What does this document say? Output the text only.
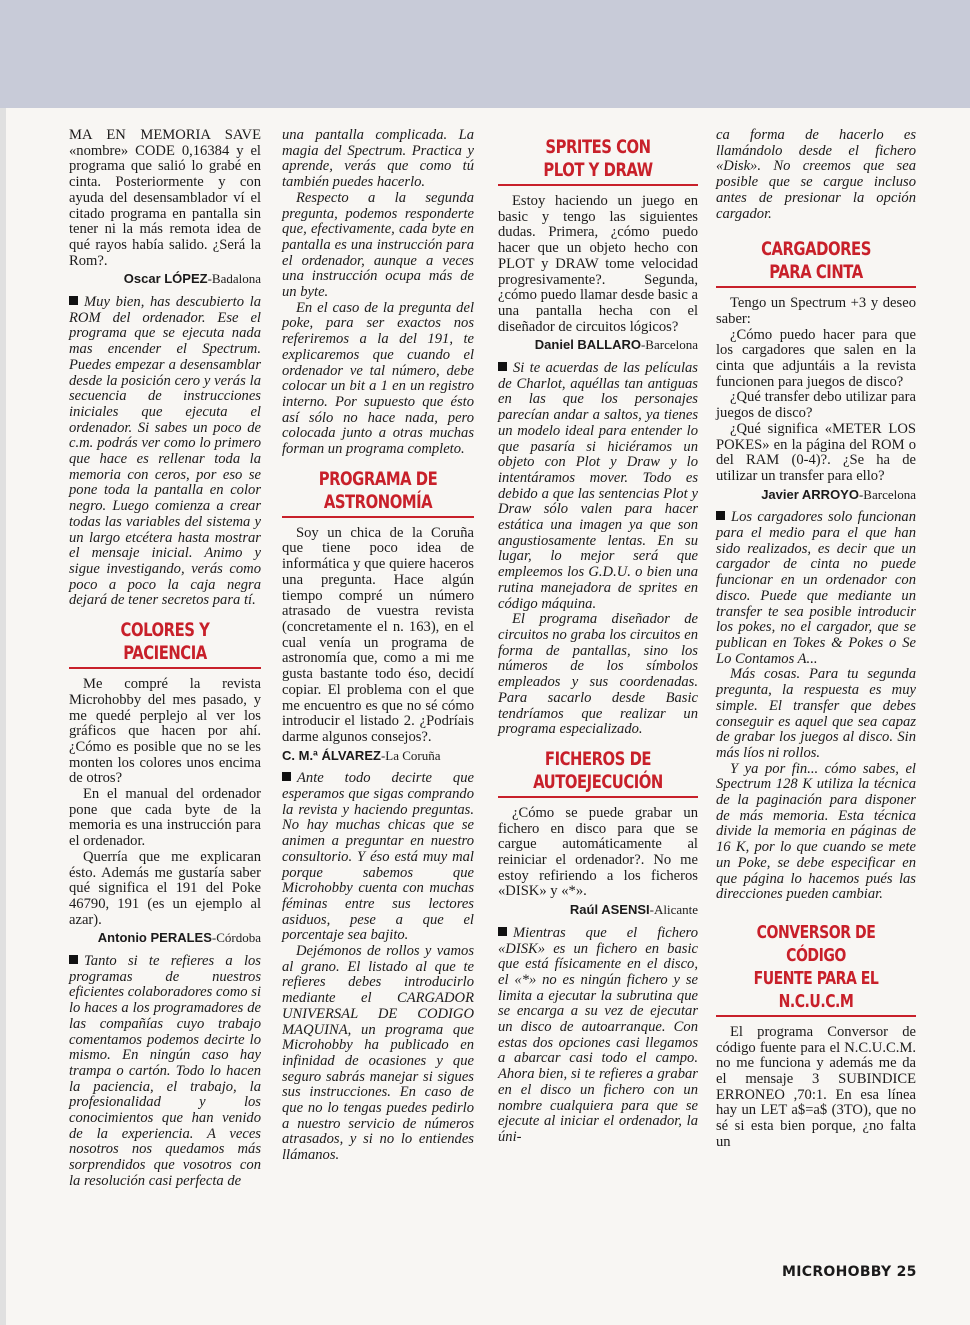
MA EN MEMORIA SAVE «nombre» CODE 0,16384 y el programa que salió lo grabé en cinta. Posteriormente y con ayuda del desensamblador ví el citado programa en pantalla sin tener ni la más remota idea de qué rayos había salido. ¿Será la Rom?.

Oscar LÓPEZ-Badalona

Muy bien, has descubierto la ROM del ordenador. Ese el programa que se ejecuta nada mas encender el Spectrum. Puedes empezar a desensamblar desde la posición cero y verás la secuencia de instrucciones iniciales que ejecuta el ordenador. Si sabes un poco de c.m. podrás ver como lo primero que hace es rellenar toda la memoria con ceros, por eso se pone toda la pantalla en color negro. Luego comienza a crear todas las variables del sistema y un largo etcétera hasta mostrar el mensaje inicial. Animo y sigue investigando, verás como poco a poco la caja negra dejará de tener secretos para tí.

COLORES Y PACIENCIA

Me compré la revista Microhobby del mes pasado, y me quedé perplejo al ver los gráficos que hacen por ahí. ¿Cómo es posible que no se les monten los colores unos encima de otros?

En el manual del ordenador pone que cada byte de la memoria es una instrucción para el ordenador.

Querría que me explicaran ésto. Además me gustaría saber qué significa el 191 del Poke 46790, 191 (es un ejemplo al azar).

Antonio PERALES-Córdoba

Tanto si te refieres a los programas de nuestros eficientes colaboradores como si lo haces a los programadores de las compañías cuyo trabajo comentamos podemos decirte lo mismo. En ningún caso hay trampa o cartón. Todo lo hacen la paciencia, el trabajo, la profesionalidad y los conocimientos que han venido de la experiencia. A veces nosotros nos quedamos más sorprendidos que vosotros con la resolución casi perfecta de

una pantalla complicada. La magia del Spectrum. Practica y aprende, verás que como tú también puedes hacerlo.

Respecto a la segunda pregunta, podemos responderte que, efectivamente, cada byte en pantalla es una instrucción para el ordenador, aunque a veces una instrucción ocupa más de un byte.

En el caso de la pregunta del poke, para ser exactos nos referiremos a la del 191, te explicaremos que cuando el ordenador ve tal número, debe colocar un bit a 1 en un registro interno. Por supuesto que ésto así sólo no hace nada, pero colocada junto a otras muchas forman un programa completo.

PROGRAMA DE
ASTRONOMÍA

Soy un chica de la Coruña que tiene poco idea de informática y que quiere haceros una pregunta. Hace algún tiempo compré un número atrasado de vuestra revista (concretamente el n. 163), en el cual venía un programa de astronomía que, como a mi me gusta bastante todo éso, decidí copiar. El problema con el que me encuentro es que no sé cómo introducir el listado 2. ¿Podríais darme algunos consejos?.

C. M.ª ÁLVAREZ-La Coruña

Ante todo decirte que esperamos que sigas comprando la revista y haciendo preguntas. No hay muchas chicas que se animen a preguntar en nuestro consultorio. Y éso está muy mal porque sabemos que Microhobby cuenta con muchas féminas entre sus lectores asiduos, pese a que el porcentaje sea bajito.

Dejémonos de rollos y vamos al grano. El listado al que te refieres debes introducirlo mediante el CARGADOR UNIVERSAL DE CODIGO MAQUINA, un programa que Microhobby ha publicado en infinidad de ocasiones y que seguro sabrás manejar si sigues sus instrucciones. En caso de que no lo tengas puedes pedirlo a nuestro servicio de números atrasados, y si no lo entiendes llámanos.

SPRITES CON
PLOT Y DRAW

Estoy haciendo un juego en basic y tengo las siguientes dudas. Primera, ¿cómo puedo hacer que un objeto hecho con PLOT y DRAW tome velocidad progresivamente?. Segunda, ¿cómo puedo llamar desde basic a una pantalla hecha con el diseñador de circuitos lógicos?

Daniel BALLARO-Barcelona

Si te acuerdas de las películas de Charlot, aquéllas tan antiguas en las que los personajes parecían andar a saltos, ya tienes un modelo ideal para entender lo que pasaría si hiciéramos un objeto con Plot y Draw y lo intentáramos mover. Todo es debido a que las sentencias Plot y Draw sólo valen para hacer estática una imagen ya que son angustiosamente lentas. En su lugar, lo mejor será que empleemos los G.D.U. o bien una rutina manejadora de sprites en código máquina.

El programa diseñador de circuitos no graba los circuitos en forma de pantallas, sino los números de los símbolos empleados y sus coordenadas. Para sacarlo desde Basic tendríamos que realizar un programa especializado.

FICHEROS DE
AUTOEJECUCIÓN

¿Cómo se puede grabar un fichero en disco para que se cargue automáticamente al reiniciar el ordenador?. No me estoy refiriendo a los ficheros «DISK» y «*».

Raúl ASENSI-Alicante

Mientras que el fichero «DISK» es un fichero en basic que está físicamente en el disco, el «*» no es ningún fichero y se limita a ejecutar la subrutina que se encarga a su vez de ejecutar un disco de autoarranque. Con estas dos opciones casi llegamos a abarcar casi todo el campo. Ahora bien, si te refieres a grabar en el disco un fichero con un nombre cualquiera para que se ejecute al iniciar el ordenador, la úni-

ca forma de hacerlo es llamándolo desde el fichero «Disk». No creemos que sea posible que se cargue incluso antes de presionar la opción cargador.

CARGADORES
PARA CINTA

Tengo un Spectrum +3 y deseo saber:

¿Cómo puedo hacer para que los cargadores que salen en la cinta que adjuntáis a la revista funcionen para juegos de disco?

¿Qué transfer debo utilizar para juegos de disco?

¿Qué significa «METER LOS POKES» en la página del ROM o del RAM (0-4)?. ¿Se ha de utilizar un transfer para ello?

Javier ARROYO-Barcelona

Los cargadores solo funcionan para el medio para el que han sido realizados, es decir que un cargador de cinta no puede funcionar en un ordenador con disco. Puede que mediante un transfer te sea posible introducir los pokes, no el cargador, que se publican en Tokes & Pokes o Se Lo Contamos A...

Más cosas. Para tu segunda pregunta, la respuesta es muy simple. El transfer que debes conseguir es aquel que sea capaz de grabar los juegos al disco. Sin más líos ni rollos.

Y ya por fin... cómo sabes, el Spectrum 128 K utiliza la técnica de la paginación para disponer de más memoria. Esta técnica divide la memoria en páginas de 16 K, por lo que cuando se mete un Poke, se debe especificar en que página lo hacemos pués las direcciones pueden cambiar.

CONVERSOR DE CÓDIGO
FUENTE PARA EL N.C.U.C.M

El programa Conversor de código fuente para el N.C.U.C.M. no me funciona y además me da el mensaje 3 SUBINDICE ERRONEO ,70:1. En esa línea hay un LET a$=a$ (3TO), que no sé si esta bien porque, ¿no falta un

MICROHOBBY 25
